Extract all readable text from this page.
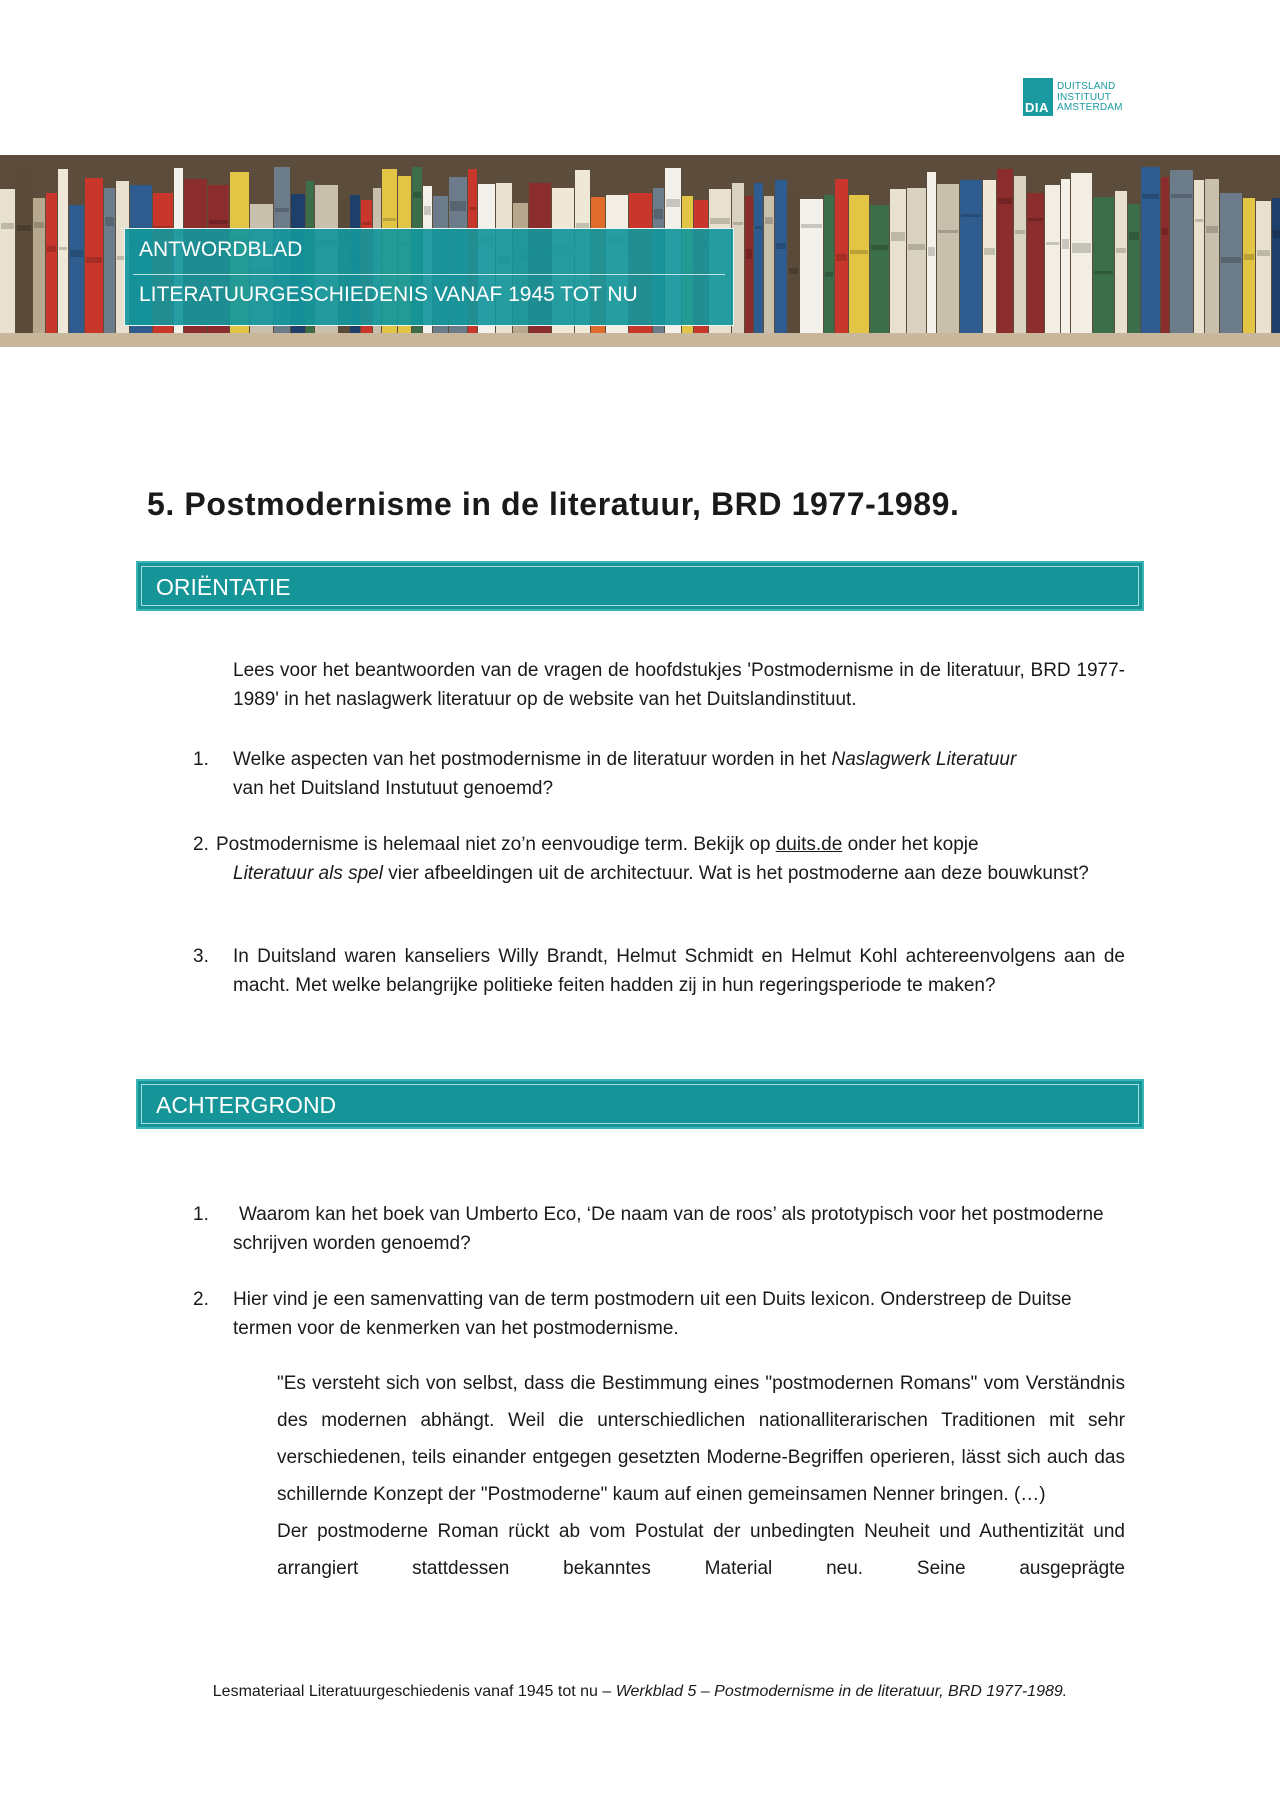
DIA
DUITSLAND
INSTITUUT
AMSTERDAM
ANTWORDBLAD
LITERATUURGESCHIEDENIS VANAF 1945 TOT NU
5. Postmodernisme in de literatuur, BRD 1977-1989.
ORIËNTATIE

Lees voor het beantwoorden van de vragen de hoofdstukjes 'Postmodernisme in de literatuur, BRD 1977-1989' in het naslagwerk literatuur op de website van het Duitslandinstituut.

1. Welke aspecten van het postmodernisme in de literatuur worden in het Naslagwerk Literatuur
van het Duitsland Instutuut genoemd?

2. Postmodernisme is helemaal niet zo’n eenvoudige term. Bekijk op duits.de onder het kopje
Literatuur als spel vier afbeeldingen uit de architectuur. Wat is het postmoderne aan deze bouwkunst?

3. In Duitsland waren kanseliers Willy Brandt, Helmut Schmidt en Helmut Kohl achtereenvolgens aan de macht. Met welke belangrijke politieke feiten hadden zij in hun regeringsperiode te maken?

ACHTERGROND
1.	Waarom kan het boek van Umberto Eco, ‘De naam van de roos’ als prototypisch voor het postmoderne schrijven worden genoemd?

2. Hier vind je een samenvatting van de term postmodern uit een Duits lexicon. Onderstreep de Duitse termen voor de kenmerken van het postmodernisme.

"Es versteht sich von selbst, dass die Bestimmung eines "postmodernen Romans" vom Verständnis des modernen abhängt. Weil die unterschiedlichen nationalliterarischen Traditionen mit sehr verschiedenen, teils einander entgegen gesetzten Moderne-Begriffen operieren, lässt sich auch das schillernde Konzept der "Postmoderne" kaum auf einen gemeinsamen Nenner bringen. (…)

Der postmoderne Roman rückt ab vom Postulat der unbedingten Neuheit und Authentizität und arrangiert stattdessen bekanntes Material neu. Seine ausgeprägte

Lesmateriaal Literatuurgeschiedenis vanaf 1945 tot nu – Werkblad 5 – Postmodernisme in de literatuur, BRD 1977-1989.
